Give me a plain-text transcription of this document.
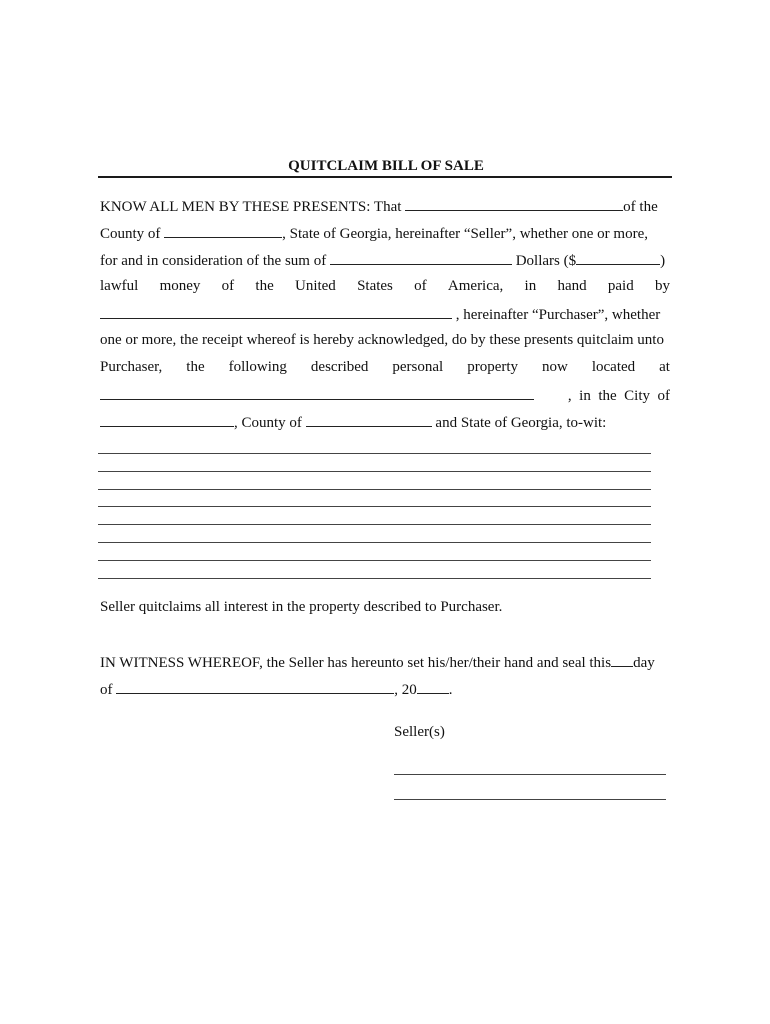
QUITCLAIM BILL OF SALE
KNOW ALL MEN BY THESE PRESENTS: That	of the
County of	, State of Georgia, hereinafter “Seller”, whether one or more,
for and in consideration of the sum of	Dollars ($	)
lawful money of the United States of America, in hand paid by
, hereinafter “Purchaser”, whether
one or more, the receipt whereof is hereby acknowledged, do by these presents quitclaim unto
Purchaser, the following described personal property now located at
,  in  the  City  of
, County of	and State of Georgia, to-wit:
Seller quitclaims all interest in the property described to Purchaser.
IN WITNESS WHEREOF, the Seller has hereunto set his/her/their hand and seal this day
of	, 20 .
Seller(s)
